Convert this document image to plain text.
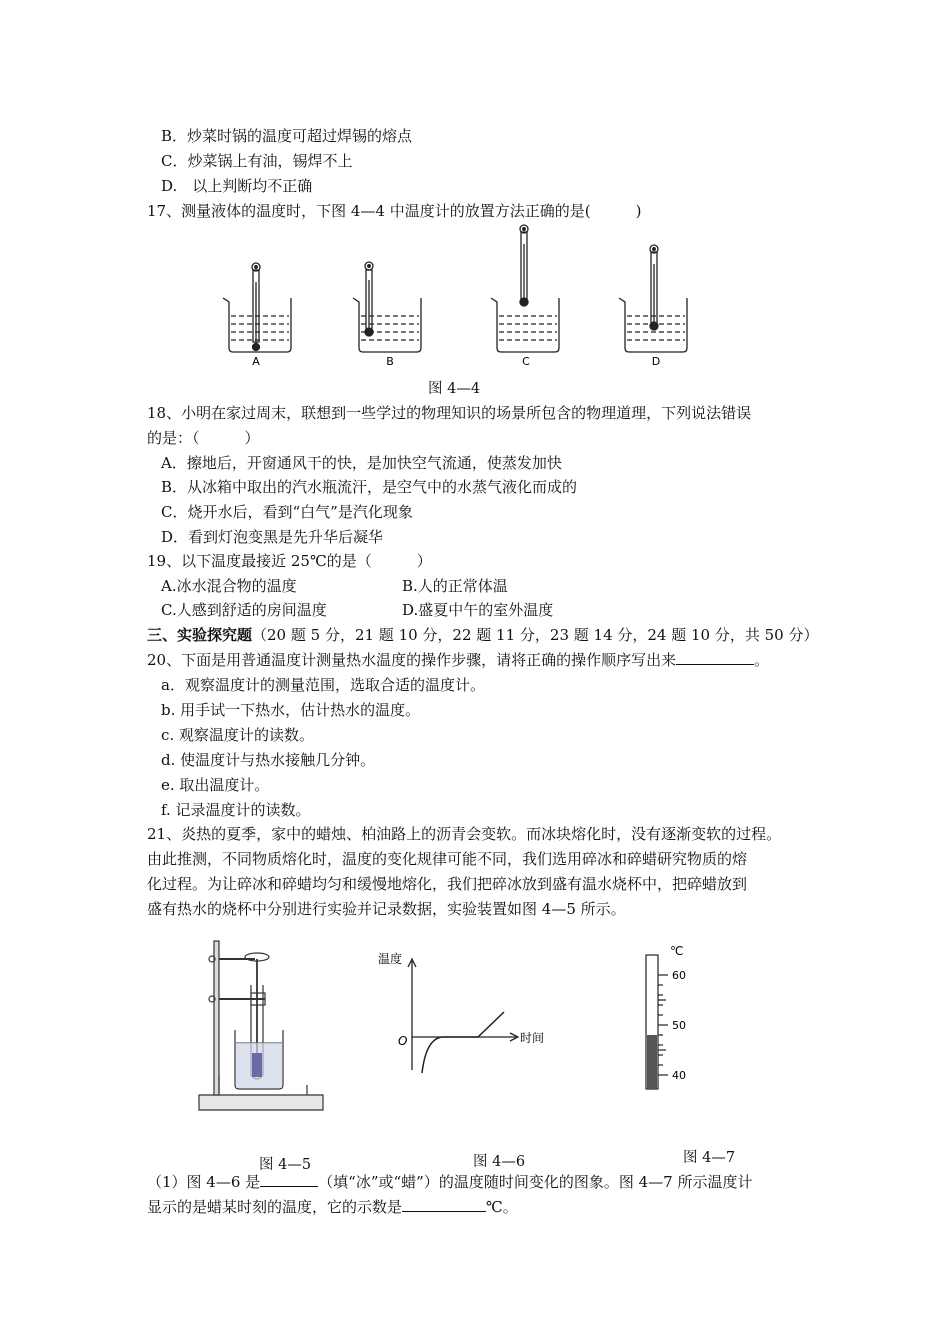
B．炒菜时锅的温度可超过焊锡的熔点
C．炒菜锅上有油，锡焊不上
D.　以上判断均不正确
17、测量液体的温度时，下图 4—4 中温度计的放置方法正确的是(　　　)
A	B	C	D
图 4—4
18、小明在家过周末，联想到一些学过的物理知识的场景所包含的物理道理，下列说法错误
的是：（　　　）
A．擦地后，开窗通风干的快，是加快空气流通，使蒸发加快
B．从冰箱中取出的汽水瓶流汗，是空气中的水蒸气液化而成的
C．烧开水后，看到“白气”是汽化现象
D．看到灯泡变黑是先升华后凝华
19、以下温度最接近 25℃的是（　　　）
A.冰水混合物的温度	B.人的正常体温
C.人感到舒适的房间温度	D.盛夏中午的室外温度
三、实验探究题（20 题 5 分，21 题 10 分，22 题 11 分，23 题 14 分，24 题 10 分，共 50 分）
20、下面是用普通温度计测量热水温度的操作步骤，请将正确的操作顺序写出来	。
a．观察温度计的测量范围，选取合适的温度计。
b. 用手试一下热水，估计热水的温度。
c. 观察温度计的读数。
d. 使温度计与热水接触几分钟。
e. 取出温度计。
f. 记录温度计的读数。
21、炎热的夏季，家中的蜡烛、柏油路上的沥青会变软。而冰块熔化时，没有逐渐变软的过程。
由此推测，不同物质熔化时，温度的变化规律可能不同，我们选用碎冰和碎蜡研究物质的熔
化过程。为让碎冰和碎蜡均匀和缓慢地熔化，我们把碎冰放到盛有温水烧杯中，把碎蜡放到
盛有热水的烧杯中分别进行实验并记录数据，实验装置如图 4—5 所示。
图 4—5
温度
时间
O
图 4—6
℃
60
50
40
图 4—7
（1）图 4—6 是	（填“冰”或“蜡”）的温度随时间变化的图象。图 4—7 所示温度计
显示的是蜡某时刻的温度，它的示数是	℃。
